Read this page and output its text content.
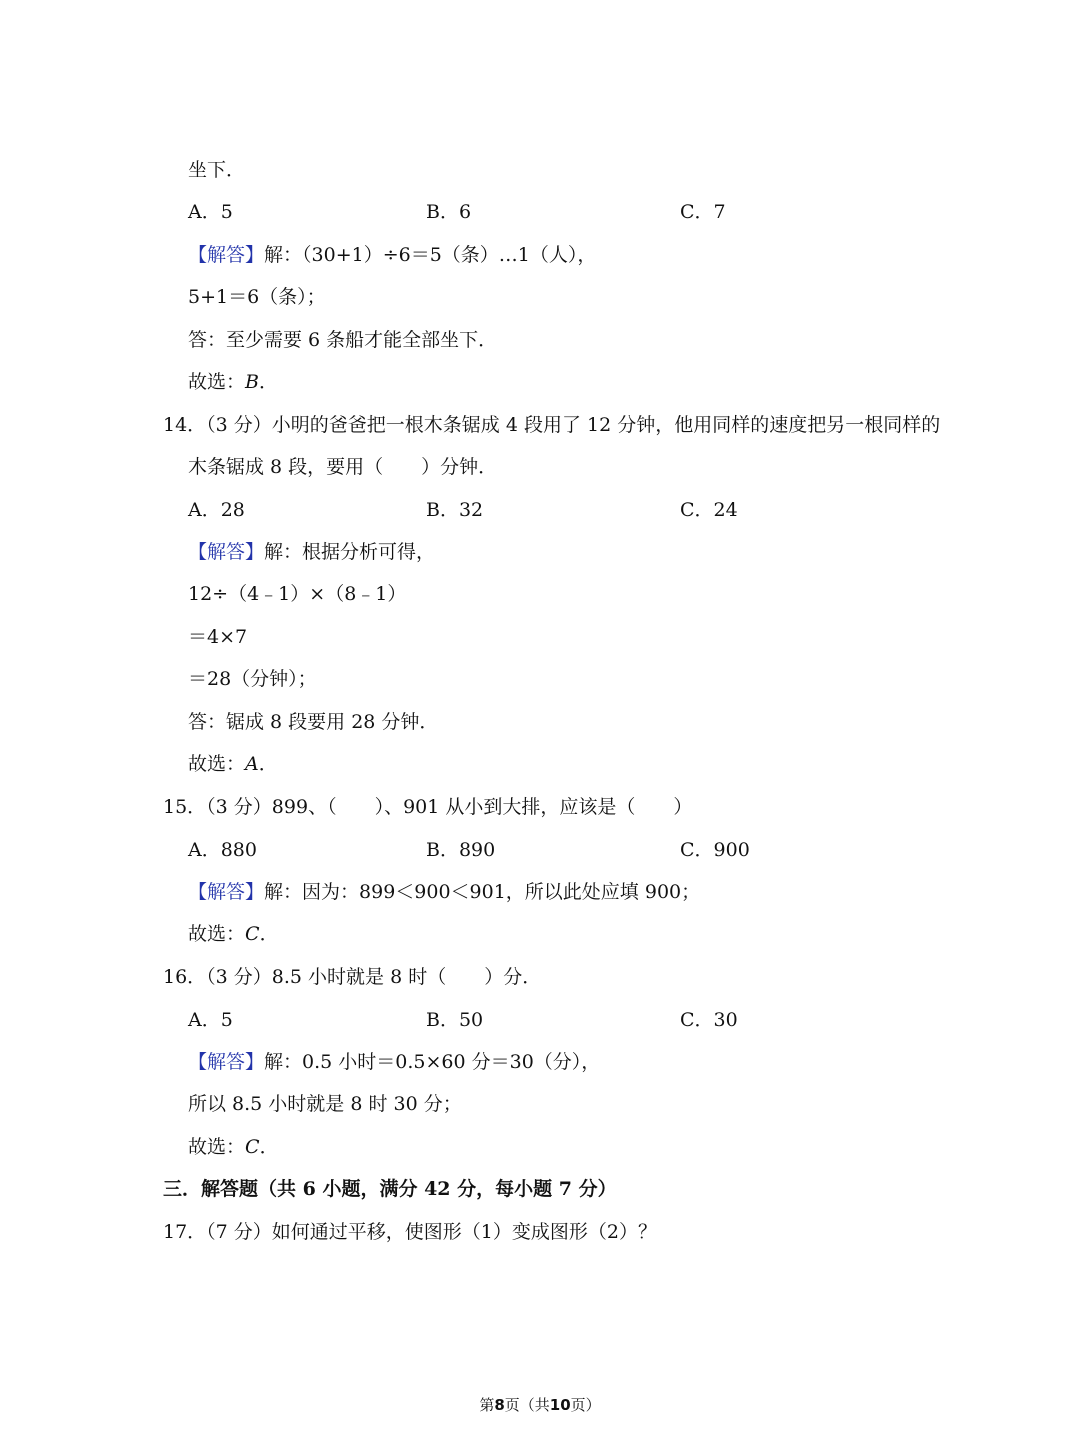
坐下．
A．5	B．6	C．7
【解答】解：（30+1）÷6＝5（条）…1（人），
5+1＝6（条）；
答：至少需要 6 条船才能全部坐下．
故选：B．
14．（3 分）小明的爸爸把一根木条锯成 4 段用了 12 分钟，他用同样的速度把另一根同样的
木条锯成 8 段，要用（　　）分钟．
A．28	B．32	C．24
【解答】解：根据分析可得，
12÷（4﹣1）×（8﹣1）
＝4×7
＝28（分钟）；
答：锯成 8 段要用 28 分钟．
故选：A．
15．（3 分）899、（　　）、901 从小到大排，应该是（　　）
A．880	B．890	C．900
【解答】解：因为：899＜900＜901，所以此处应填 900；
故选：C．
16．（3 分）8.5 小时就是 8 时（　　）分．
A．5	B．50	C．30
【解答】解：0.5 小时＝0.5×60 分＝30（分），
所以 8.5 小时就是 8 时 30 分；
故选：C．
三．解答题（共 6 小题，满分 42 分，每小题 7 分）
17．（7 分）如何通过平移，使图形（1）变成图形（2）？
第8页（共10页）
